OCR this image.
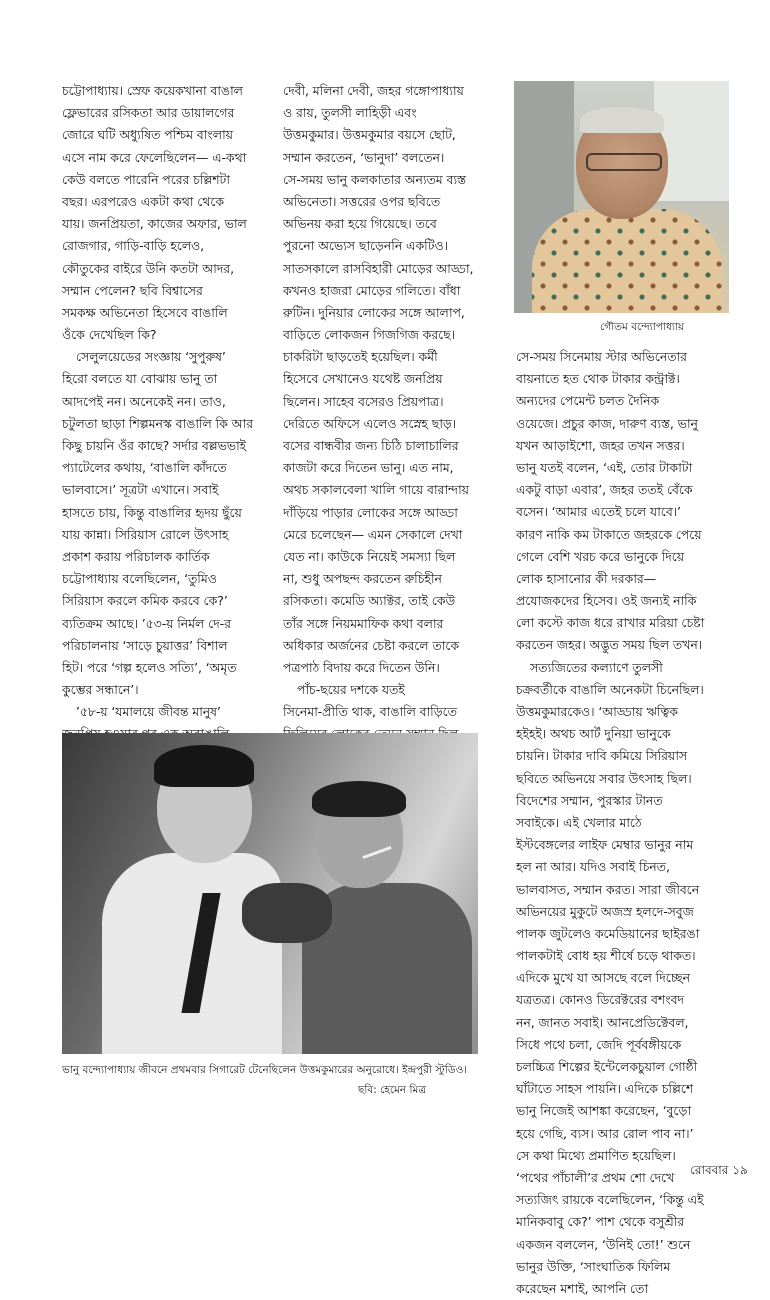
চট্টোপাধ্যায়। স্রেফ কয়েকখানা বাঙাল
ফ্লেভারের রসিকতা আর ডায়ালগের
জোরে ঘটি অধ্যুষিত পশ্চিম বাংলায়
এসে নাম করে ফেলেছিলেন— এ-কথা
কেউ বলতে পারেনি পরের চল্লিশটা
বছর। এরপরেও একটা কথা থেকে
যায়। জনপ্রিয়তা, কাজের অফার, ভাল
রোজগার, গাড়ি-বাড়ি হলেও,
কৌতুকের বাইরে উনি কতটা আদর,
সম্মান পেলেন? ছবি বিশ্বাসের
সমকক্ষ অভিনেতা হিসেবে বাঙালি
ওঁকে দেখেছিল কি?
সেলুলয়েডের সংজ্ঞায় ‘সুপুরুষ’
হিরো বলতে যা বোঝায় ভানু তা
আদপেই নন। অনেকেই নন। তাও,
চটুলতা ছাড়া শিল্পমনস্ক বাঙালি কি আর
কিছু চায়নি ওঁর কাছে? সর্দার বল্লভভাই
প্যাটেলের কথায়, ‘বাঙালি কাঁদতে
ভালবাসে।’ সূত্রটা এখানে। সবাই
হাসতে চায়, কিন্তু বাঙালির হৃদয় ছুঁয়ে
যায় কান্না। সিরিয়াস রোলে উৎসাহ
প্রকাশ করায় পরিচালক কার্তিক
চট্টোপাধ্যায় বলেছিলেন, ‘তুমিও
সিরিয়াস করলে কমিক করবে কে?’
ব্যতিক্রম আছে। ’৫৩-য় নির্মল দে-র
পরিচালনায় ‘সাড়ে চুয়াত্তর’ বিশাল
হিট। পরে ‘গল্প হলেও সত্যি’, ‘অমৃত
কুম্ভের সন্ধানে’।
’৫৮-য় ‘যমালয়ে জীবন্ত মানুষ’
দেবী, মলিনা দেবী, জহর গঙ্গোপাধ্যায়
ও রায়, তুলসী লাহিড়ী এবং
উত্তমকুমার। উত্তমকুমার বয়সে ছোট,
সম্মান করতেন, ‘ভানুদা’ বলতেন।
সে-সময় ভানু কলকাতার অন্যতম ব্যস্ত
অভিনেতা। সত্তরের ওপর ছবিতে
অভিনয় করা হয়ে গিয়েছে। তবে
পুরনো অভ্যেস ছাড়েননি একটিও।
সাতসকালে রাসবিহারী মোড়ের আড্ডা,
কখনও হাজরা মোড়ের গলিতে। বাঁধা
রুটিন। দুনিয়ার লোকের সঙ্গে আলাপ,
বাড়িতে লোকজন গিজগিজ করছে।
চাকরিটা ছাড়তেই হয়েছিল। কর্মী
হিসেবে সেখানেও যথেষ্ট জনপ্রিয়
ছিলেন। সাহেব বসেরও প্রিয়পাত্র।
দেরিতে অফিসে এলেও সস্নেহ ছাড়।
বসের বান্ধবীর জন্য চিঠি চালাচালির
কাজটা করে দিতেন ভানু। এত নাম,
অথচ সকালবেলা খালি গায়ে বারান্দায়
দাঁড়িয়ে পাড়ার লোকের সঙ্গে আড্ডা
মেরে চলেছেন— এমন সেকালে দেখা
যেত না। কাউকে নিয়েই সমস্যা ছিল
না, শুধু অপছন্দ করতেন রুচিহীন
রসিকতা। কমেডি অ্যাক্টর, তাই কেউ
তাঁর সঙ্গে নিয়মমাফিক কথা বলার
অধিকার অর্জনের চেষ্টা করলে তাকে
পত্রপাঠ বিদায় করে দিতেন উনি।
পাঁচ-ছয়ের দশকে যতই
সিনেমা-প্রীতি থাক, বাঙালি বাড়িতে
সে-সময় সিনেমায় স্টার অভিনেতার
বায়নাতে হত থোক টাকার কন্ট্রাক্ট।
অন্যদের পেমেন্ট চলত দৈনিক
ওয়েজে। প্রচুর কাজ, দারুণ ব্যস্ত, ভানু
যখন আড়াইশো, জহর তখন সত্তর।
ভানু যতই বলেন, ‘এই, তোর টাকাটা
একটু বাড়া এবার’, জহর ততই বেঁকে
বসেন। ‘আমার এতেই চলে যাবে।’
কারণ নাকি কম টাকাতে জহরকে পেয়ে
গেলে বেশি খরচ করে ভানুকে দিয়ে
লোক হাসানোর কী দরকার—
প্রযোজকদের হিসেব। ওই জন্যই নাকি
লো কস্টে কাজ ধরে রাখার মরিয়া চেষ্টা
করতেন জহর। অদ্ভুত সময় ছিল তখন।
সত্যজিতের কল্যাণে তুলসী
চক্রবর্তীকে বাঙালি অনেকটা চিনেছিল।
উত্তমকুমারকেও। ‘আড্ডায় ঋত্বিক
হইহই। অথচ আর্ট দুনিয়া ভানুকে
চায়নি। টাকার দাবি কমিয়ে সিরিয়াস
ছবিতে অভিনয়ে সবার উৎসাহ ছিল।
বিদেশের সম্মান, পুরস্কার টানত
সবাইকে। এই খেলার মাঠে
ইস্টবেঙ্গলের লাইফ মেম্বার ভানুর নাম
হল না আর। যদিও সবাই চিনত,
ভালবাসত, সম্মান করত। সারা জীবনে
অভিনয়ের মুকুটে অজস্র হলদে-সবুজ
পালক জুটলেও কমেডিয়ানের ছাইরঙা
পালকটাই বোধ হয় শীর্ষে চড়ে থাকত।
এদিকে মুখে যা আসছে বলে দিচ্ছেন
যত্রতত্র। কোনও ডিরেক্টরের বশংবদ
নন, জানত সবাই। আনপ্রেডিক্টেবল,
সিধে পথে চলা, জেদি পূর্ববঙ্গীয়কে
চলচ্চিত্র শিল্পের ইন্টেলেকচুয়াল গোষ্ঠী
ঘাঁটাতে সাহস পায়নি। এদিকে চল্লিশে
ভানু নিজেই আশঙ্কা করেছেন, ‘বুড়ো
হয়ে গেছি, ব্যস। আর রোল পাব না।’
সে কথা মিথ্যে প্রমাণিত হয়েছিল।
‘পথের পাঁচালী’র প্রথম শো দেখে
সত্যজিৎ রায়কে বলেছিলেন, ‘কিন্তু এই
মানিকবাবু কে?’ পাশ থেকে বসুশ্রীর
একজন বললেন, ‘উনিই তো!’ শুনে
ভানুর উক্তি, ‘সাংঘাতিক ফিলিম
করেছেন মশাই, আপনি তো
গৌতম বন্দ্যোপাধ্যায়
ভানু বন্দ্যোপাধ্যায় জীবনে প্রথমবার সিগারেট টেনেছিলেন উত্তমকুমারের অনুরোধে। ইন্দ্রপুরী স্টুডিও।
ছবি: হেমেন মিত্র
রোববার ১৯
